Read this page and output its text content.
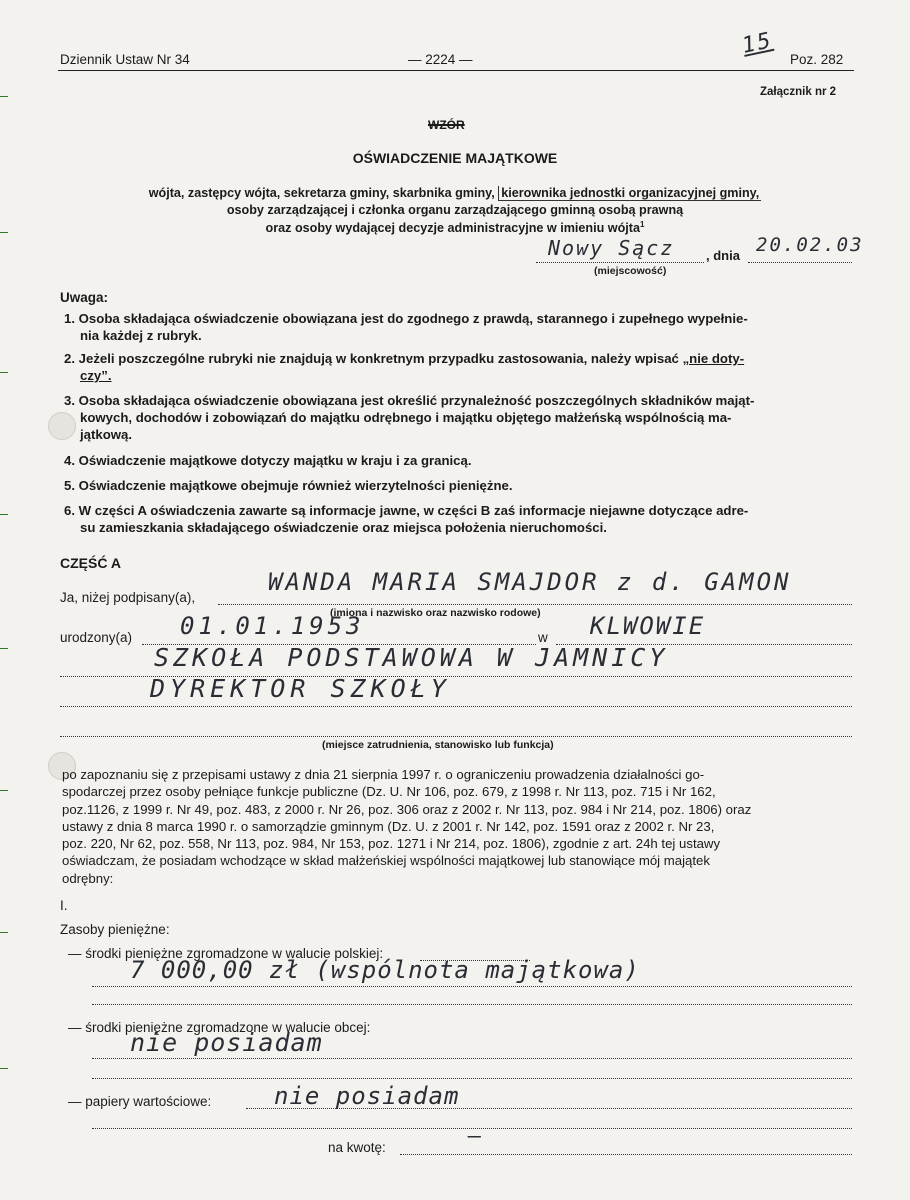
15
Dziennik Ustaw Nr 34	— 2224 —	Poz. 282
Załącznik nr 2
WZÓR
OŚWIADCZENIE MAJĄTKOWE
wójta, zastępcy wójta, sekretarza gminy, skarbnika gminy, kierownika jednostki organizacyjnej gminy,
osoby zarządzającej i członka organu zarządzającego gminną osobą prawną
oraz osoby wydającej decyzje administracyjne w imieniu wójta$^1$
Nowy Sącz , dnia 20.02.03
(miejscowość)
Uwaga:
1. Osoba składająca oświadczenie obowiązana jest do zgodnego z prawdą, starannego i zupełnego wypełnie-
nia każdej z rubryk.
2. Jeżeli poszczególne rubryki nie znajdują w konkretnym przypadku zastosowania, należy wpisać „nie doty-
czy”.
3. Osoba składająca oświadczenie obowiązana jest określić przynależność poszczególnych składników mająt-
kowych, dochodów i zobowiązań do majątku odrębnego i majątku objętego małżeńską wspólnością ma-
jątkową.
4. Oświadczenie majątkowe dotyczy majątku w kraju i za granicą.
5. Oświadczenie majątkowe obejmuje również wierzytelności pieniężne.
6. W części A oświadczenia zawarte są informacje jawne, w części B zaś informacje niejawne dotyczące adre-
su zamieszkania składającego oświadczenie oraz miejsca położenia nieruchomości.
CZĘŚĆ A
Ja, niżej podpisany(a),
WANDA MARIA SMAJDOR z d. GAMON
(imiona i nazwisko oraz nazwisko rodowe)
urodzony(a) 01.01.1953	w KLWOWIE
SZKOŁA PODSTAWOWA W JAMNICY
DYREKTOR SZKOŁY
(miejsce zatrudnienia, stanowisko lub funkcja)
po zapoznaniu się z przepisami ustawy z dnia 21 sierpnia 1997 r. o ograniczeniu prowadzenia działalności go-
spodarczej przez osoby pełniące funkcje publiczne (Dz. U. Nr 106, poz. 679, z 1998 r. Nr 113, poz. 715 i Nr 162,
poz.1126, z 1999 r. Nr 49, poz. 483, z 2000 r. Nr 26, poz. 306 oraz z 2002 r. Nr 113, poz. 984 i Nr 214, poz. 1806) oraz
ustawy z dnia 8 marca 1990 r. o samorządzie gminnym (Dz. U. z 2001 r. Nr 142, poz. 1591 oraz z 2002 r. Nr 23,
poz. 220, Nr 62, poz. 558, Nr 113, poz. 984, Nr 153, poz. 1271 i Nr 214, poz. 1806), zgodnie z art. 24h tej ustawy
oświadczam, że posiadam wchodzące w skład małżeńskiej wspólności majątkowej lub stanowiące mój majątek
odrębny:
I.
Zasoby pieniężne:
— środki pieniężne zgromadzone w walucie polskiej:
7 000,00 zł (wspólnota majątkowa)
— środki pieniężne zgromadzone w walucie obcej:
nie posiadam
— papiery wartościowe:	nie posiadam
na kwotę:	—
